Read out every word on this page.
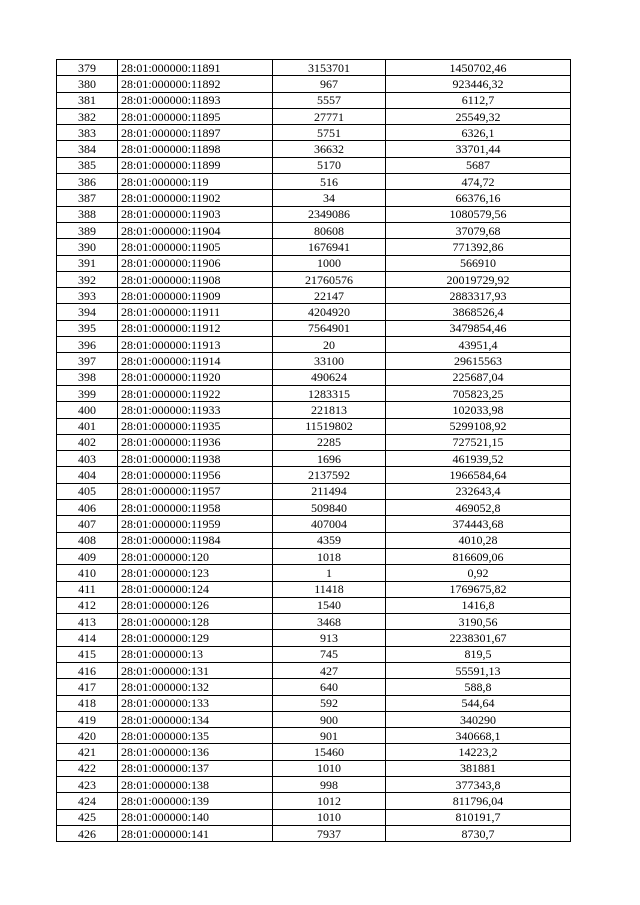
379	28:01:000000:11891	3153701	1450702,46
380	28:01:000000:11892	967	923446,32
381	28:01:000000:11893	5557	6112,7
382	28:01:000000:11895	27771	25549,32
383	28:01:000000:11897	5751	6326,1
384	28:01:000000:11898	36632	33701,44
385	28:01:000000:11899	5170	5687
386	28:01:000000:119	516	474,72
387	28:01:000000:11902	34	66376,16
388	28:01:000000:11903	2349086	1080579,56
389	28:01:000000:11904	80608	37079,68
390	28:01:000000:11905	1676941	771392,86
391	28:01:000000:11906	1000	566910
392	28:01:000000:11908	21760576	20019729,92
393	28:01:000000:11909	22147	2883317,93
394	28:01:000000:11911	4204920	3868526,4
395	28:01:000000:11912	7564901	3479854,46
396	28:01:000000:11913	20	43951,4
397	28:01:000000:11914	33100	29615563
398	28:01:000000:11920	490624	225687,04
399	28:01:000000:11922	1283315	705823,25
400	28:01:000000:11933	221813	102033,98
401	28:01:000000:11935	11519802	5299108,92
402	28:01:000000:11936	2285	727521,15
403	28:01:000000:11938	1696	461939,52
404	28:01:000000:11956	2137592	1966584,64
405	28:01:000000:11957	211494	232643,4
406	28:01:000000:11958	509840	469052,8
407	28:01:000000:11959	407004	374443,68
408	28:01:000000:11984	4359	4010,28
409	28:01:000000:120	1018	816609,06
410	28:01:000000:123	1	0,92
411	28:01:000000:124	11418	1769675,82
412	28:01:000000:126	1540	1416,8
413	28:01:000000:128	3468	3190,56
414	28:01:000000:129	913	2238301,67
415	28:01:000000:13	745	819,5
416	28:01:000000:131	427	55591,13
417	28:01:000000:132	640	588,8
418	28:01:000000:133	592	544,64
419	28:01:000000:134	900	340290
420	28:01:000000:135	901	340668,1
421	28:01:000000:136	15460	14223,2
422	28:01:000000:137	1010	381881
423	28:01:000000:138	998	377343,8
424	28:01:000000:139	1012	811796,04
425	28:01:000000:140	1010	810191,7
426	28:01:000000:141	7937	8730,7
